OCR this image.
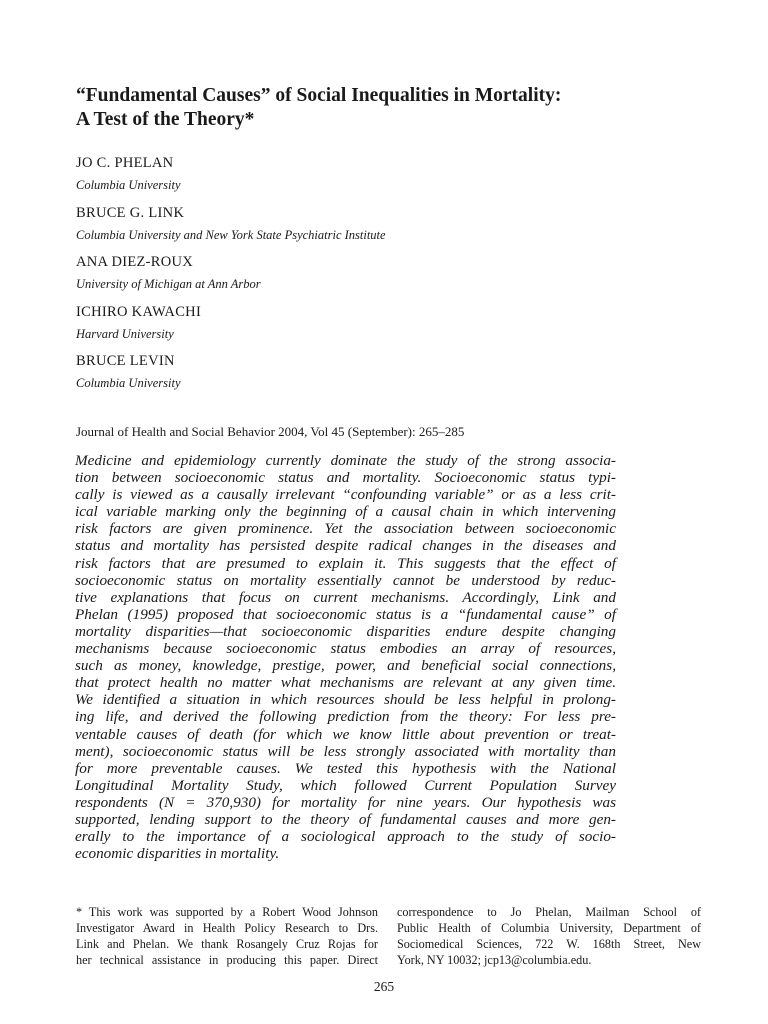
“Fundamental Causes” of Social Inequalities in Mortality:
A Test of the Theory*
JO C. PHELAN
Columbia University
BRUCE G. LINK
Columbia University and New York State Psychiatric Institute
ANA DIEZ-ROUX
University of Michigan at Ann Arbor
ICHIRO KAWACHI
Harvard University
BRUCE LEVIN
Columbia University
Journal of Health and Social Behavior 2004, Vol 45 (September): 265–285
Medicine and epidemiology currently dominate the study of the strong associa-
tion between socioeconomic status and mortality. Socioeconomic status typi-
cally is viewed as a causally irrelevant “confounding variable” or as a less crit-
ical variable marking only the beginning of a causal chain in which intervening
risk factors are given prominence. Yet the association between socioeconomic
status and mortality has persisted despite radical changes in the diseases and
risk factors that are presumed to explain it. This suggests that the effect of
socioeconomic status on mortality essentially cannot be understood by reduc-
tive explanations that focus on current mechanisms. Accordingly, Link and
Phelan (1995) proposed that socioeconomic status is a “fundamental cause” of
mortality disparities—that socioeconomic disparities endure despite changing
mechanisms because socioeconomic status embodies an array of resources,
such as money, knowledge, prestige, power, and beneficial social connections,
that protect health no matter what mechanisms are relevant at any given time.
We identified a situation in which resources should be less helpful in prolong-
ing life, and derived the following prediction from the theory: For less pre-
ventable causes of death (for which we know little about prevention or treat-
ment), socioeconomic status will be less strongly associated with mortality than
for more preventable causes. We tested this hypothesis with the National
Longitudinal Mortality Study, which followed Current Population Survey
respondents (N = 370,930) for mortality for nine years. Our hypothesis was
supported, lending support to the theory of fundamental causes and more gen-
erally to the importance of a sociological approach to the study of socio-
economic disparities in mortality.
* This work was supported by a Robert Wood Johnson
Investigator Award in Health Policy Research to Drs.
Link and Phelan. We thank Rosangely Cruz Rojas for
her technical assistance in producing this paper. Direct
correspondence to Jo Phelan, Mailman School of
Public Health of Columbia University, Department of
Sociomedical Sciences, 722 W. 168th Street, New
York, NY 10032; jcp13@columbia.edu.
265
